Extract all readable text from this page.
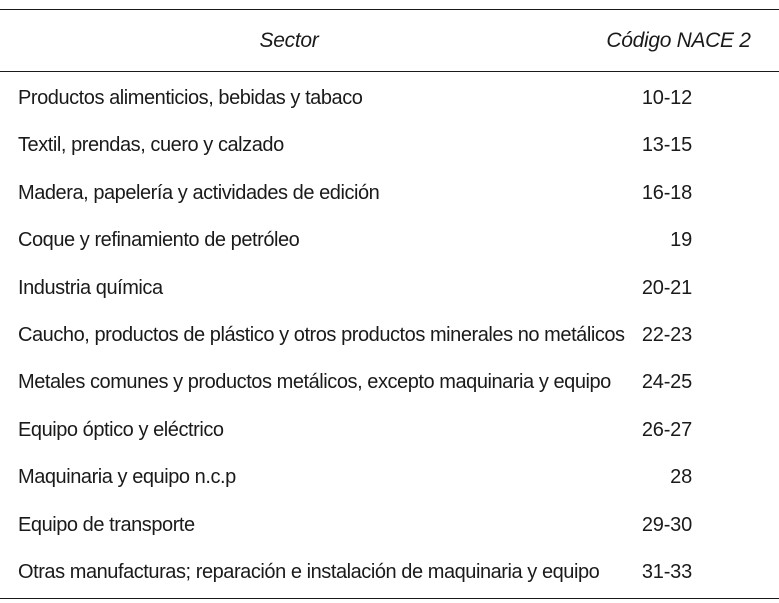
Sector	Código NACE 2
Productos alimenticios, bebidas y tabaco	10-12
Textil, prendas, cuero y calzado	13-15
Madera, papelería y actividades de edición	16-18
Coque y refinamiento de petróleo	19
Industria química	20-21
Caucho, productos de plástico y otros productos minerales no metálicos 22-23
Metales comunes y productos metálicos, excepto maquinaria y equipo 24-25
Equipo óptico y eléctrico	26-27
Maquinaria y equipo n.c.p	28
Equipo de transporte	29-30
Otras manufacturas; reparación e instalación de maquinaria y equipo 31-33
